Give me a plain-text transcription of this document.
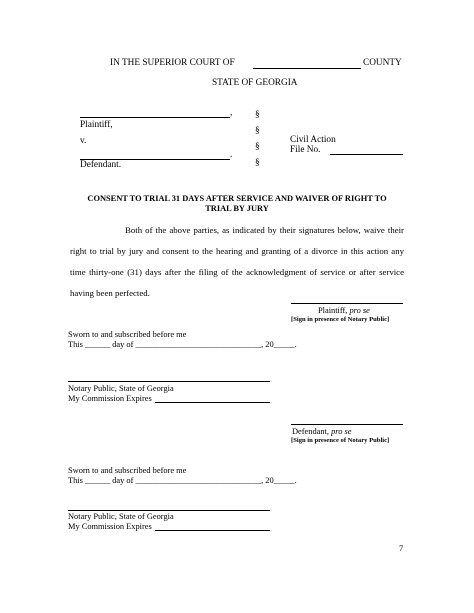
IN THE SUPERIOR COURT OF	COUNTY
STATE OF GEORGIA
,
Plaintiff,
v.
.
Defendant.
§
§
§
§
Civil Action
File No.
CONSENT TO TRIAL 31 DAYS AFTER SERVICE AND WAIVER OF RIGHT TO
TRIAL BY JURY
Both of the above parties, as indicated by their signatures below, waive their right to trial by jury and consent to the hearing and granting of a divorce in this action any time thirty-one (31) days after the filing of the acknowledgment of service or after service having been perfected.
Plaintiff, pro se
[Sign in presence of Notary Public]
Sworn to and subscribed before me
This ______ day of ______________________________, 20_____.
Notary Public, State of Georgia
My Commission Expires
Defendant, pro se
[Sign in presence of Notary Public]
Sworn to and subscribed before me
This ______ day of ______________________________, 20_____.
Notary Public, State of Georgia
My Commission Expires
7
